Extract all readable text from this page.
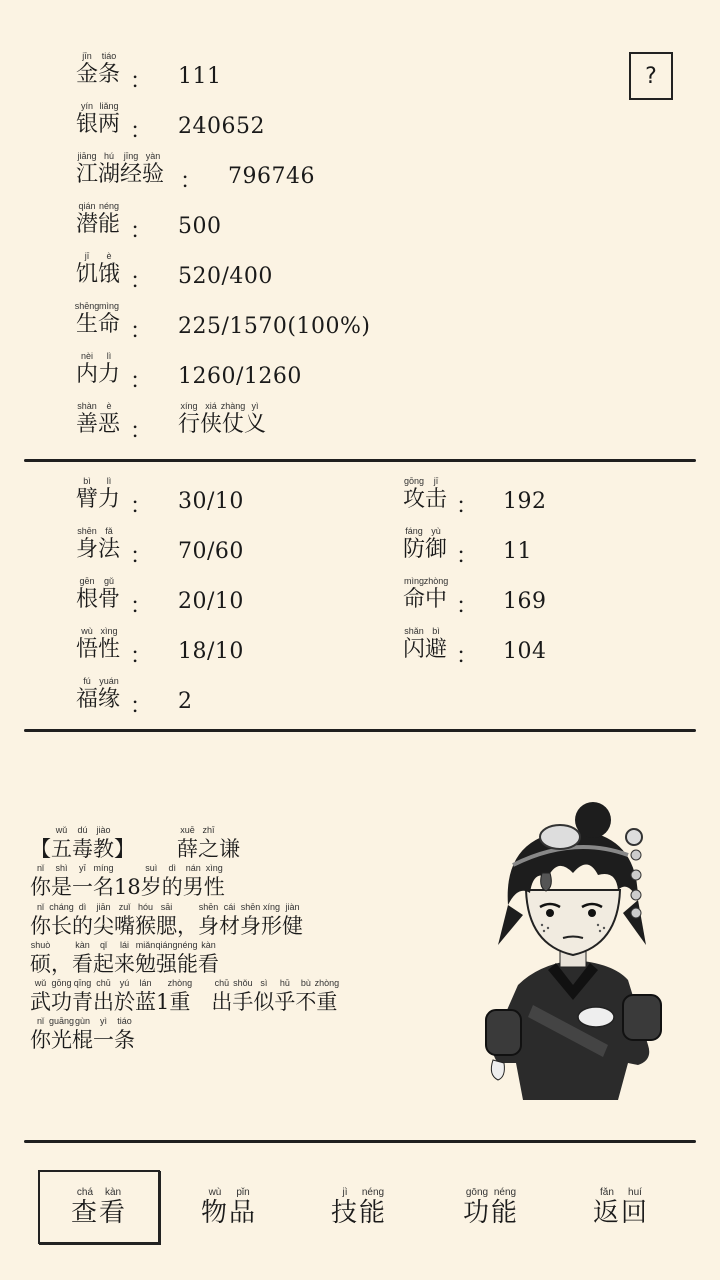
?
jīn
金
tiáo
条 ： 111
yín
银
liǎng
两 ： 240652
jiāng
江
hú
湖
jīng
经
yàn
验 ： 796746
qián
潜
néng
能 ： 500
jī
饥
è
饿 ： 520/400
shēng
生
mìng
命 ： 225/1570(100%)
nèi
内
lì
力 ： 1260/1260
shàn
善
è
恶 ：
xíng
行
xiá
侠
zhàng
仗
yì
义
bì
臂
lì
力 ： 30/10
shēn
身
fǎ
法 ： 70/60
gēn
根
gǔ
骨 ： 20/10
wù
悟
xìng
性 ： 18/10
fú
福
yuán
缘 ： 2
gōng
攻
jī
击 ： 192
fáng
防
yù
御 ： 11
mìng
命
zhòng
中 ： 169
shǎn
闪
bì
避 ： 104
【
wǔ
五
dú
毒
jiào
教 】

xuē
薛
zhī
之 谦
nǐ
你
shì
是
yī
一
míng
名 18
suì
岁
dì
的
nán
男
xìng
性
nǐ
你
cháng
长
dì
的
jiān
尖
zuǐ
嘴
hóu
猴
sāi
腮 ，
shēn
身
cái
材
shēn
身
xíng
形
jiàn
健
shuò
硕 ，
kàn
看
qǐ
起
lái
来
miǎn
勉
qiáng
强
néng
能
kàn
看
wǔ
武
gōng
功
qīng
青
chū
出
yú
於
lán
蓝 1
zhòng
重

chū
出
shǒu
手
sì
似
hū
乎
bù
不
zhòng
重
nǐ
你
guāng
光
gùn
棍
yì
一
tiáo
条
chá
查
kàn
看
wù
物
pǐn
品
jì
技
néng
能
gōng
功
néng
能
fǎn
返
huí
回
